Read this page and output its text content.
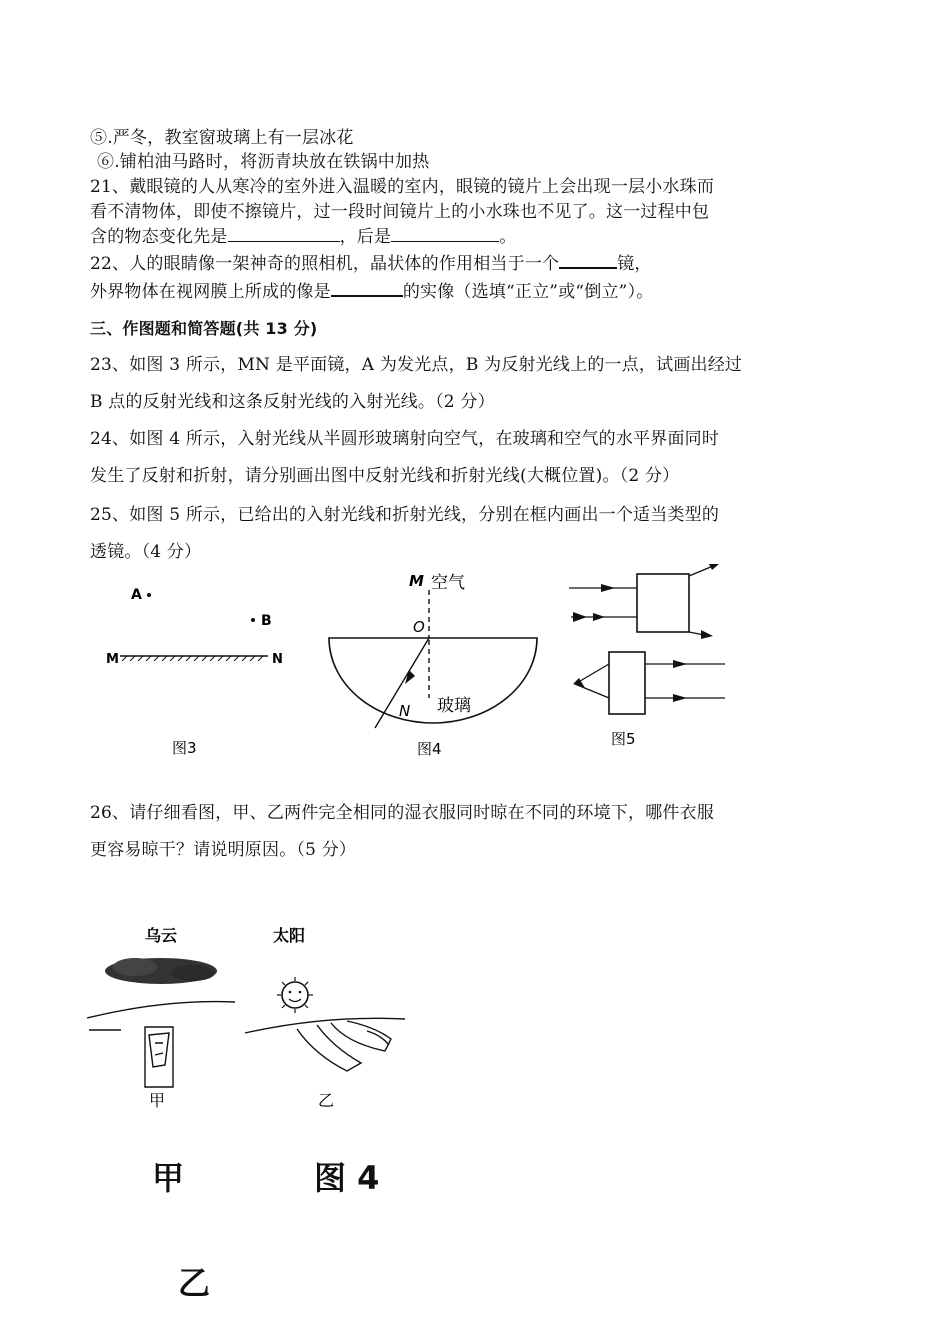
⑤.严冬，教室窗玻璃上有一层冰花
⑥.铺柏油马路时，将沥青块放在铁锅中加热
21、戴眼镜的人从寒冷的室外进入温暖的室内，眼镜的镜片上会出现一层小水珠而
看不清物体，即使不擦镜片，过一段时间镜片上的小水珠也不见了。这一过程中包
含的物态变化先是	，后是	。
22、人的眼睛像一架神奇的照相机，晶状体的作用相当于一个	镜，
外界物体在视网膜上所成的像是	的实像（选填“正立”或“倒立”）。
三、作图题和简答题(共 13 分)
23、如图 3 所示，MN 是平面镜，A 为发光点，B 为反射光线上的一点，试画出经过
B 点的反射光线和这条反射光线的入射光线。（2 分）
24、如图 4 所示，入射光线从半圆形玻璃射向空气，在玻璃和空气的水平界面同时
发生了反射和折射，请分别画出图中反射光线和折射光线(大概位置)。（2 分）
25、如图 5 所示，已给出的入射光线和折射光线，分别在框内画出一个适当类型的
透镜。（4 分）
A
B
M	N
图3
M 空气
O
N 玻璃
图4
图5
26、请仔细看图，甲、乙两件完全相同的湿衣服同时晾在不同的环境下，哪件衣服
更容易晾干？请说明原因。（5 分）
乌云	太阳
甲	乙
甲	图 4
乙
